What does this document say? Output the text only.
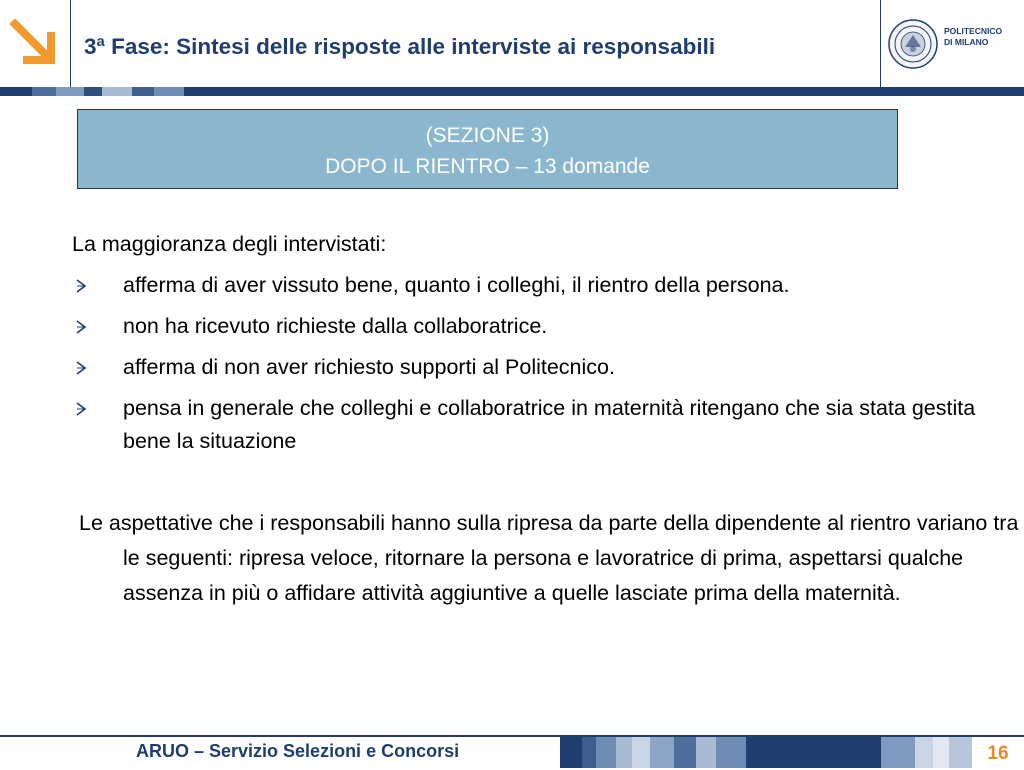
3ª Fase: Sintesi delle risposte alle interviste ai responsabili
POLITECNICO
DI MILANO
(SEZIONE 3)
DOPO IL RIENTRO – 13 domande

La maggioranza degli intervistati:

afferma di aver vissuto bene, quanto i colleghi, il rientro della persona.
non ha ricevuto richieste dalla collaboratrice.
afferma di non aver richiesto supporti al Politecnico.
pensa in generale che colleghi e collaboratrice in maternità ritengano che sia stata gestita bene la situazione

Le aspettative che i responsabili hanno sulla ripresa da parte della dipendente al rientro variano tra le seguenti: ripresa veloce, ritornare la persona e lavoratrice di prima, aspettarsi qualche assenza in più o affidare attività aggiuntive a quelle lasciate prima della maternità.

ARUO – Servizio Selezioni e Concorsi	16
